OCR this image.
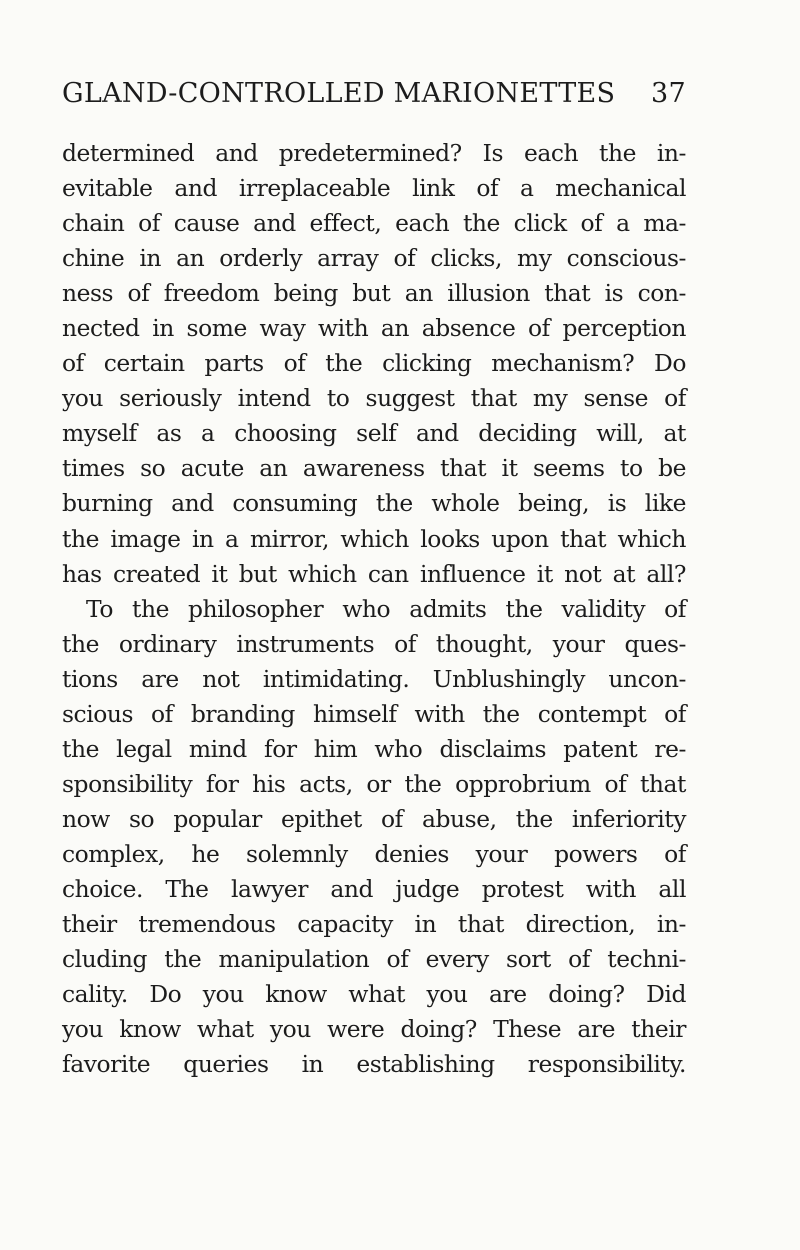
GLAND-CONTROLLED MARIONETTES 37
determined and predetermined? Is each the in-
evitable and irreplaceable link of a mechanical
chain of cause and effect, each the click of a ma-
chine in an orderly array of clicks, my conscious-
ness of freedom being but an illusion that is con-
nected in some way with an absence of perception
of certain parts of the clicking mechanism? Do
you seriously intend to suggest that my sense of
myself as a choosing self and deciding will, at
times so acute an awareness that it seems to be
burning and consuming the whole being, is like
the image in a mirror, which looks upon that which
has created it but which can influence it not at all?
To the philosopher who admits the validity of
the ordinary instruments of thought, your ques-
tions are not intimidating. Unblushingly uncon-
scious of branding himself with the contempt of
the legal mind for him who disclaims patent re-
sponsibility for his acts, or the opprobrium of that
now so popular epithet of abuse, the inferiority
complex, he solemnly denies your powers of
choice. The lawyer and judge protest with all
their tremendous capacity in that direction, in-
cluding the manipulation of every sort of techni-
cality. Do you know what you are doing? Did
you know what you were doing? These are their
favorite queries in establishing responsibility.
